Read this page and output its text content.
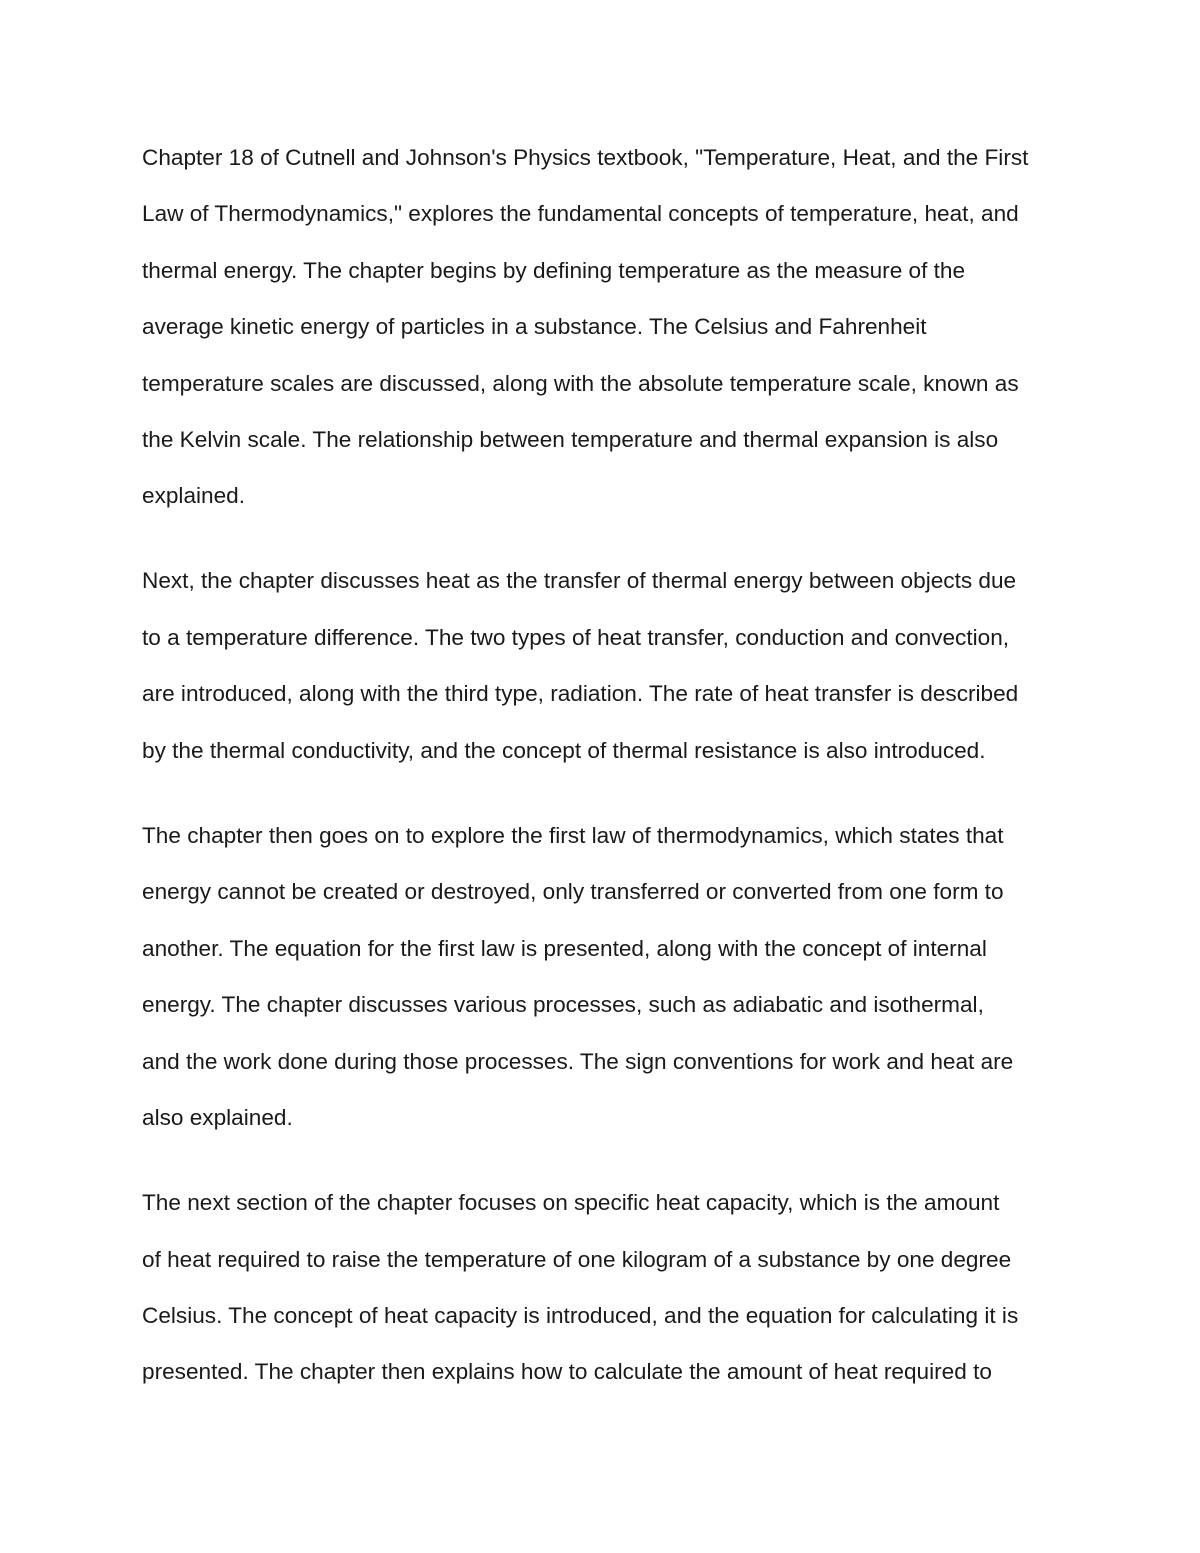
Chapter 18 of Cutnell and Johnson's Physics textbook, "Temperature, Heat, and the First

Law of Thermodynamics," explores the fundamental concepts of temperature, heat, and

thermal energy. The chapter begins by defining temperature as the measure of the

average kinetic energy of particles in a substance. The Celsius and Fahrenheit

temperature scales are discussed, along with the absolute temperature scale, known as

the Kelvin scale. The relationship between temperature and thermal expansion is also

explained.

Next, the chapter discusses heat as the transfer of thermal energy between objects due

to a temperature difference. The two types of heat transfer, conduction and convection,

are introduced, along with the third type, radiation. The rate of heat transfer is described

by the thermal conductivity, and the concept of thermal resistance is also introduced.

The chapter then goes on to explore the first law of thermodynamics, which states that

energy cannot be created or destroyed, only transferred or converted from one form to

another. The equation for the first law is presented, along with the concept of internal

energy. The chapter discusses various processes, such as adiabatic and isothermal,

and the work done during those processes. The sign conventions for work and heat are

also explained.

The next section of the chapter focuses on specific heat capacity, which is the amount

of heat required to raise the temperature of one kilogram of a substance by one degree

Celsius. The concept of heat capacity is introduced, and the equation for calculating it is

presented. The chapter then explains how to calculate the amount of heat required to
